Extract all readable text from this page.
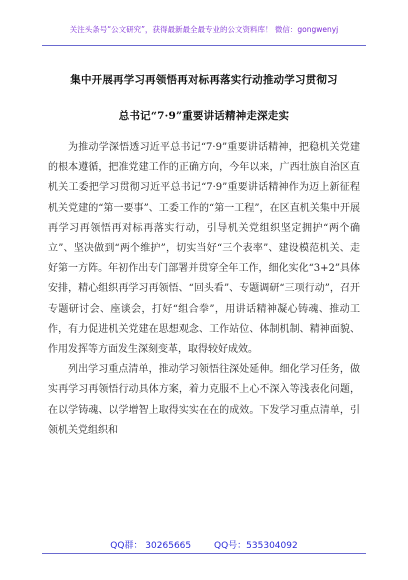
关注头条号“公文研究”，获得最新最全最专业的公文资料库！ 微信：gongwenyj
集中开展再学习再领悟再对标再落实行动推动学习贯彻习
总书记“7·9”重要讲话精神走深走实

为推动学深悟透习近平总书记“7·9”重要讲话精神，把稳机关党建的根本遵循，把准党建工作的正确方向，今年以来，广西壮族自治区直机关工委把学习贯彻习近平总书记“7·9”重要讲话精神作为迈上新征程机关党建的“第一要事”、工委工作的“第一工程”，在区直机关集中开展再学习再领悟再对标再落实行动，引导机关党组织坚定拥护“两个确立”、坚决做到“两个维护”，切实当好“三个表率”、建设模范机关、走好第一方阵。年初作出专门部署并贯穿全年工作，细化实化“3+2”具体安排，精心组织再学习再领悟、“回头看”、专题调研“三项行动”，召开专题研讨会、座谈会，打好“组合拳”，用讲话精神凝心铸魂、推动工作，有力促进机关党建在思想观念、工作站位、体制机制、精神面貌、作用发挥等方面发生深刻变革，取得较好成效。

列出学习重点清单，推动学习领悟往深处延伸。细化学习任务，做实再学习再领悟行动具体方案，着力克服不上心不深入等浅表化问题，在以学铸魂、以学增智上取得实实在在的成效。下发学习重点清单，引领机关党组织和

QQ群： 30265665	QQ号：535304092
